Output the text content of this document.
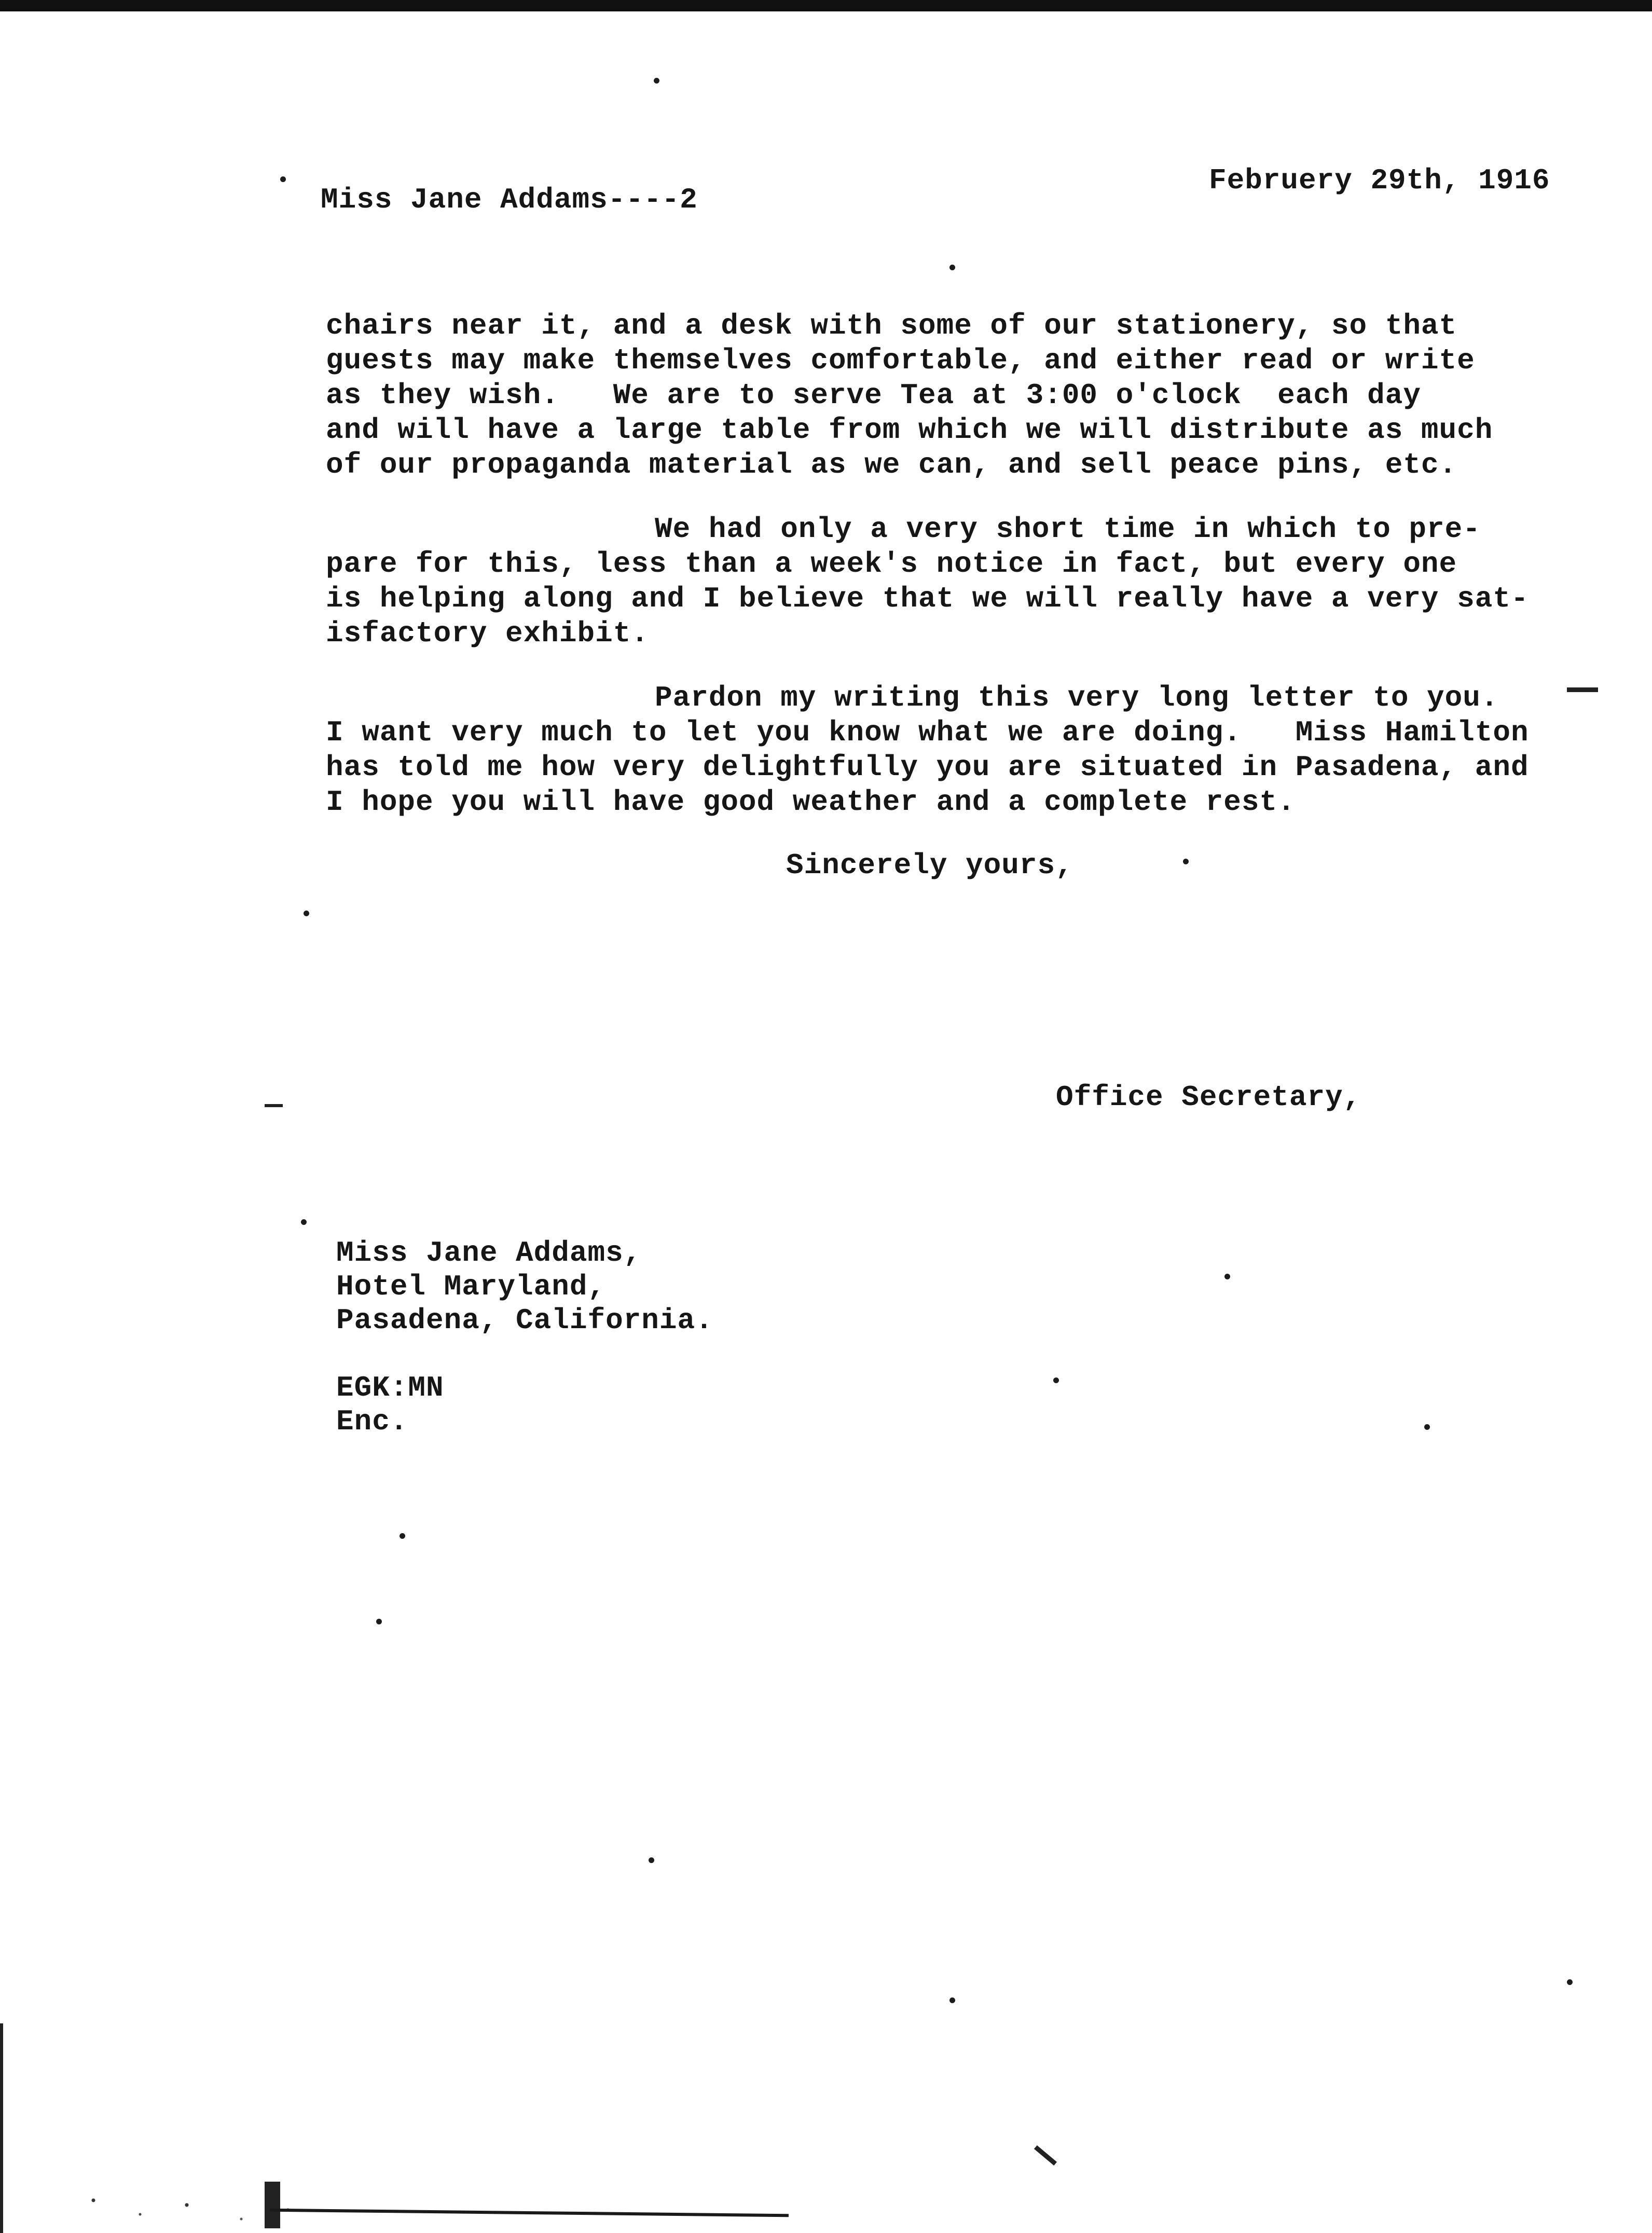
Miss Jane Addams----2
Februery 29th, 1916
chairs near it, and a desk with some of our stationery, so that
guests may make themselves comfortable, and either read or write
as they wish.   We are to serve Tea at 3:00 o'clock  each day
and will have a large table from which we will distribute as much
of our propaganda material as we can, and sell peace pins, etc.
We had only a very short time in which to pre-
pare for this, less than a week's notice in fact, but every one
is helping along and I believe that we will really have a very sat-
isfactory exhibit.
Pardon my writing this very long letter to you.
I want very much to let you know what we are doing.   Miss Hamilton
has told me how very delightfully you are situated in Pasadena, and
I hope you will have good weather and a complete rest.
Sincerely yours,
Office Secretary,
Miss Jane Addams,
Hotel Maryland,
Pasadena, California.
EGK:MN
Enc.
